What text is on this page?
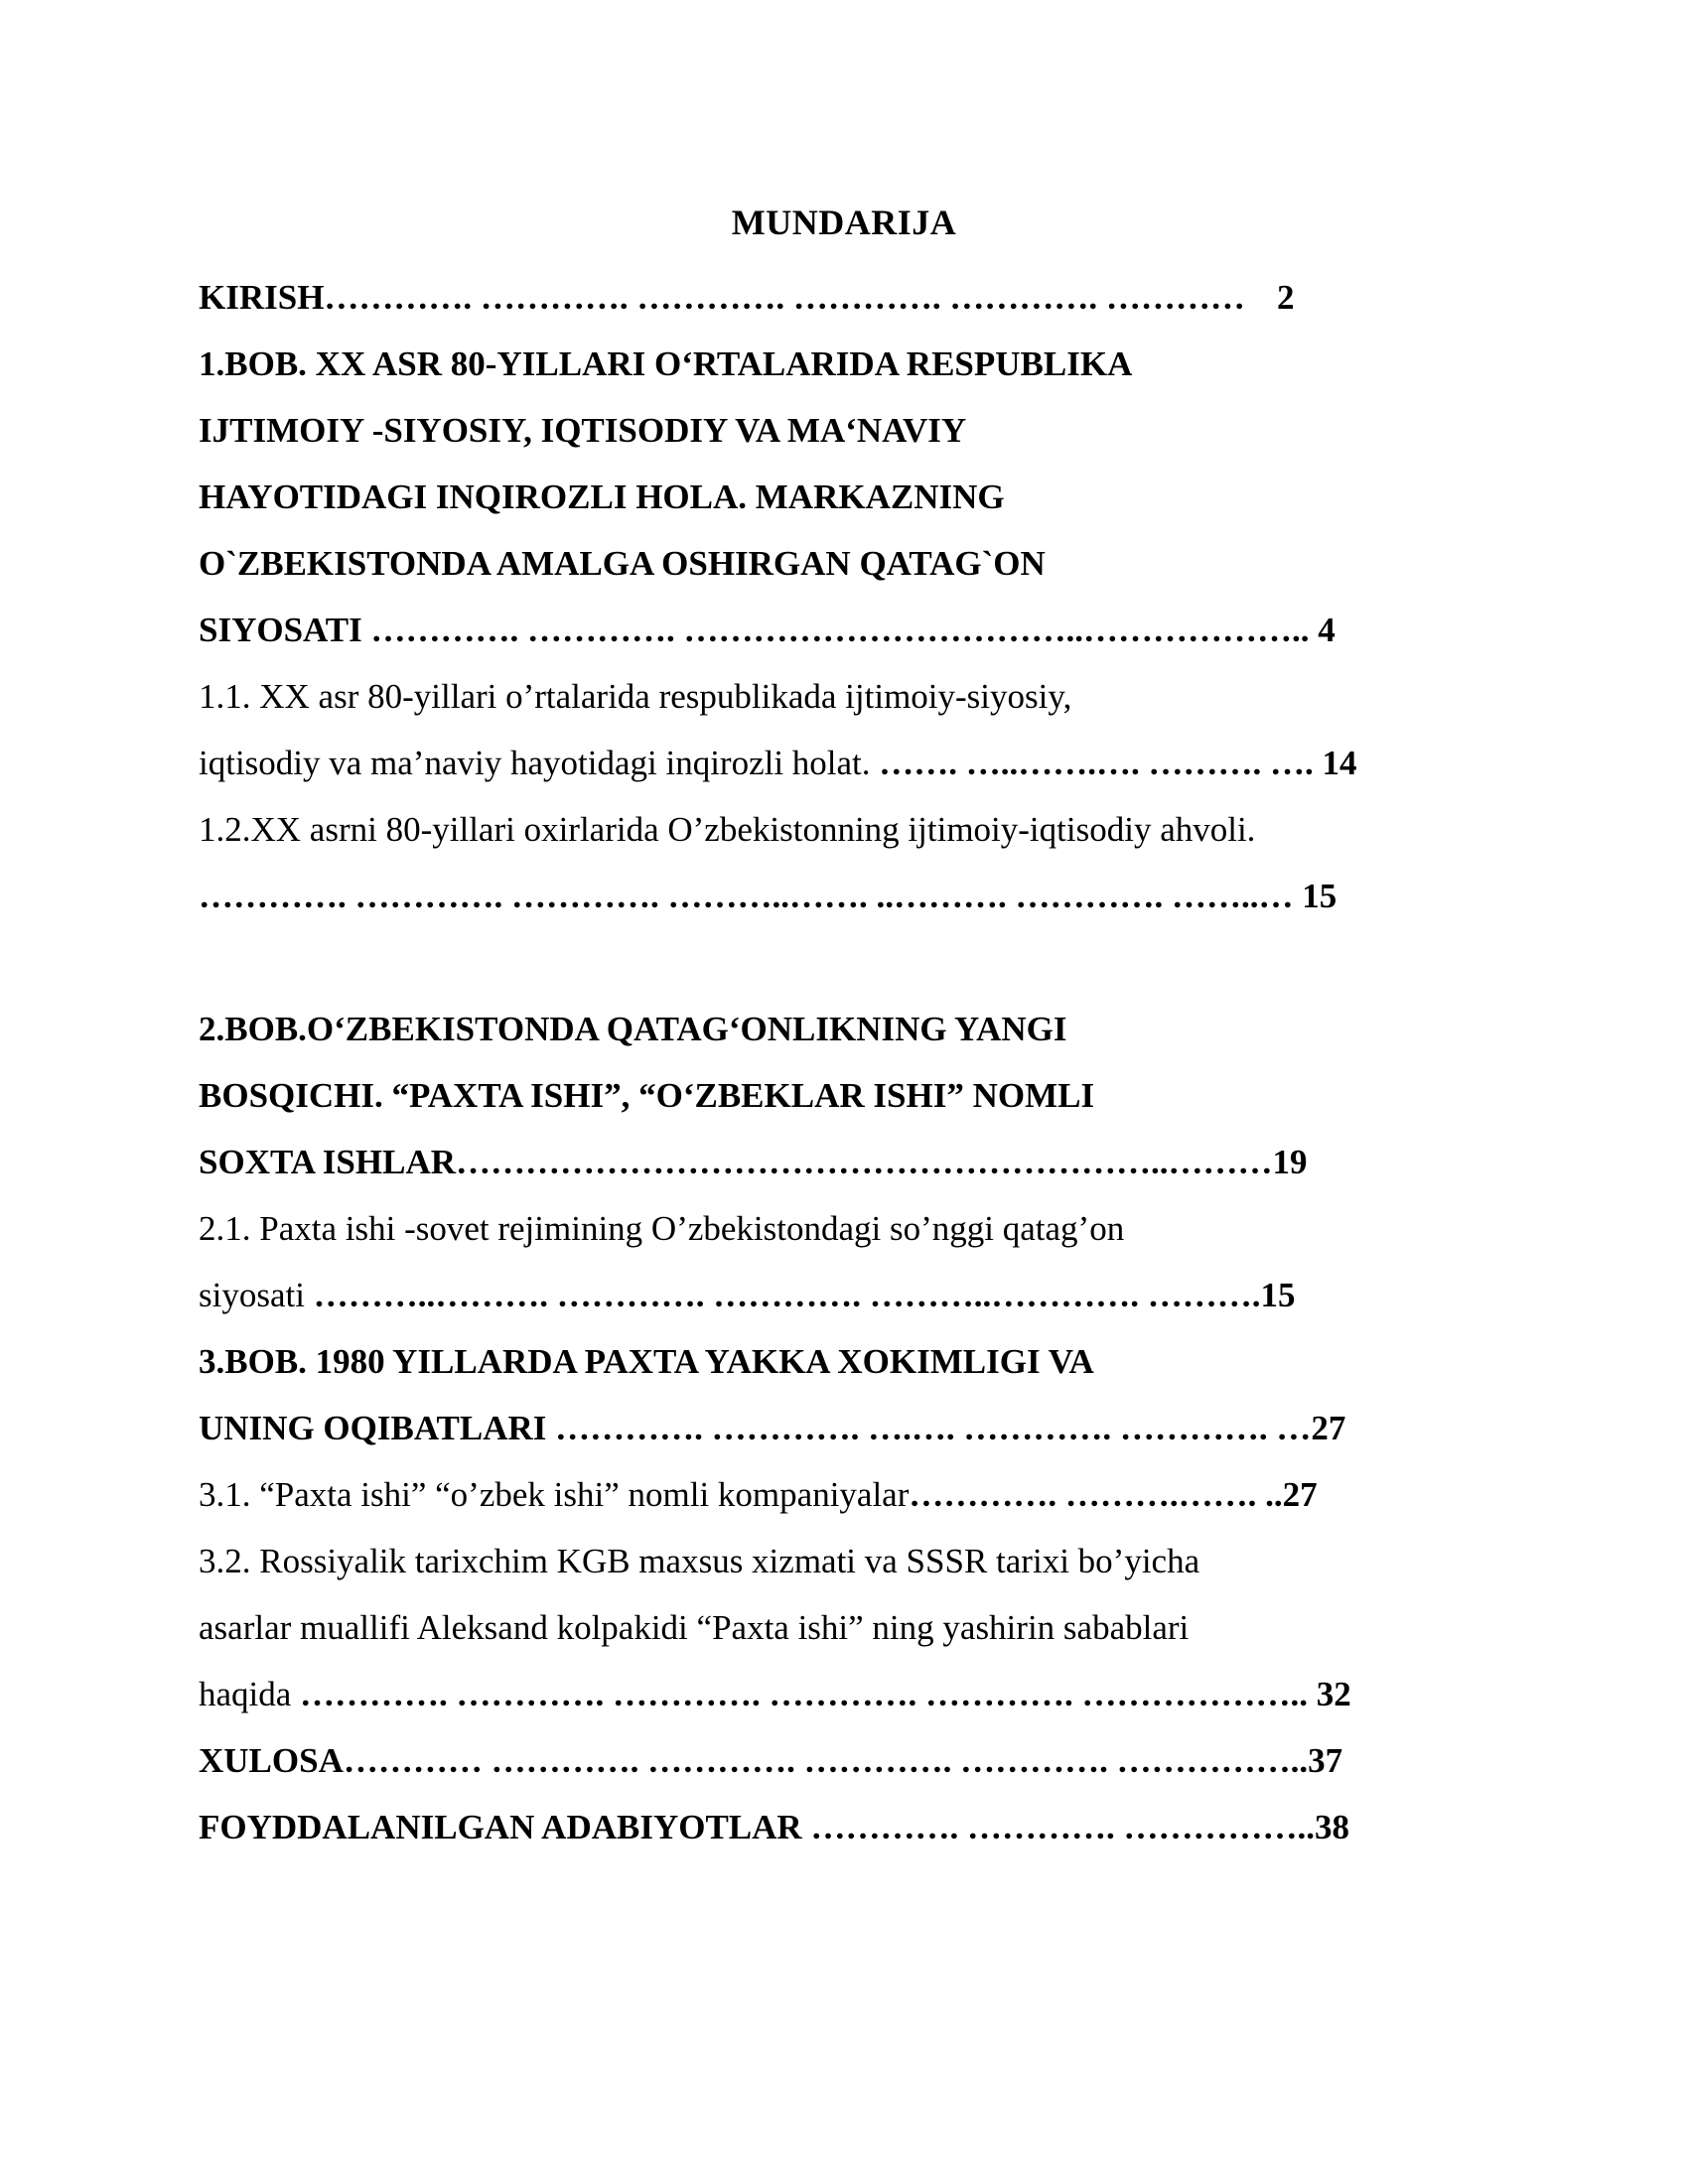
MUNDARIJA
KIRISH…………. …………. …………. …………. …………. ………… 2
1.BOB. XX ASR 80-YILLARI O‘RTALARIDA RESPUBLIKA
IJTIMOIY -SIYOSIY, IQTISODIY VA MA‘NAVIY
HAYOTIDAGI INQIROZLI HOLA. MARKAZNING
O`ZBEKISTONDA AMALGA OSHIRGAN QATAG`ON
SIYOSATI …………. …………. ……………………………..……………….. 4
1.1. XX asr 80-yillari o’rtalarida respublikada ijtimoiy-siyosiy,
iqtisodiy va ma’naviy hayotidagi inqirozli holat. ……. …..…….…. ………. …. 14
1.2.XX asrni 80-yillari oxirlarida O’zbekistonning ijtimoiy-iqtisodiy ahvoli.
…………. …………. …………. ………..……. ..………. …………. ……..… 15
2.BOB.O‘ZBEKISTONDA QATAG‘ONLIKNING YANGI
BOSQICHI. “PAXTA ISHI”, “O‘ZBEKLAR ISHI” NOMLI
SOXTA ISHLAR……………………………………………………..………19
2.1. Paxta ishi -sovet rejimining O’zbekistondagi so’nggi qatag’on
siyosati ………..………. …………. …………. ………..…………. ……….15
3.BOB. 1980 YILLARDA PAXTA YAKKA XOKIMLIGI VA
UNING OQIBATLARI …………. …………. ….…. …………. …………. …27
3.1. “Paxta ishi” “o’zbek ishi” nomli kompaniyalar…………. ……….……. ..27
3.2. Rossiyalik tarixchim KGB maxsus xizmati va SSSR tarixi bo’yicha
asarlar muallifi Aleksand kolpakidi “Paxta ishi” ning yashirin sabablari
haqida …………. …………. …………. …………. …………. ……………….. 32
XULOSA………… …………. …………. …………. …………. ……………..37
FOYDDALANILGAN ADABIYOTLAR …………. …………. ……………..38
